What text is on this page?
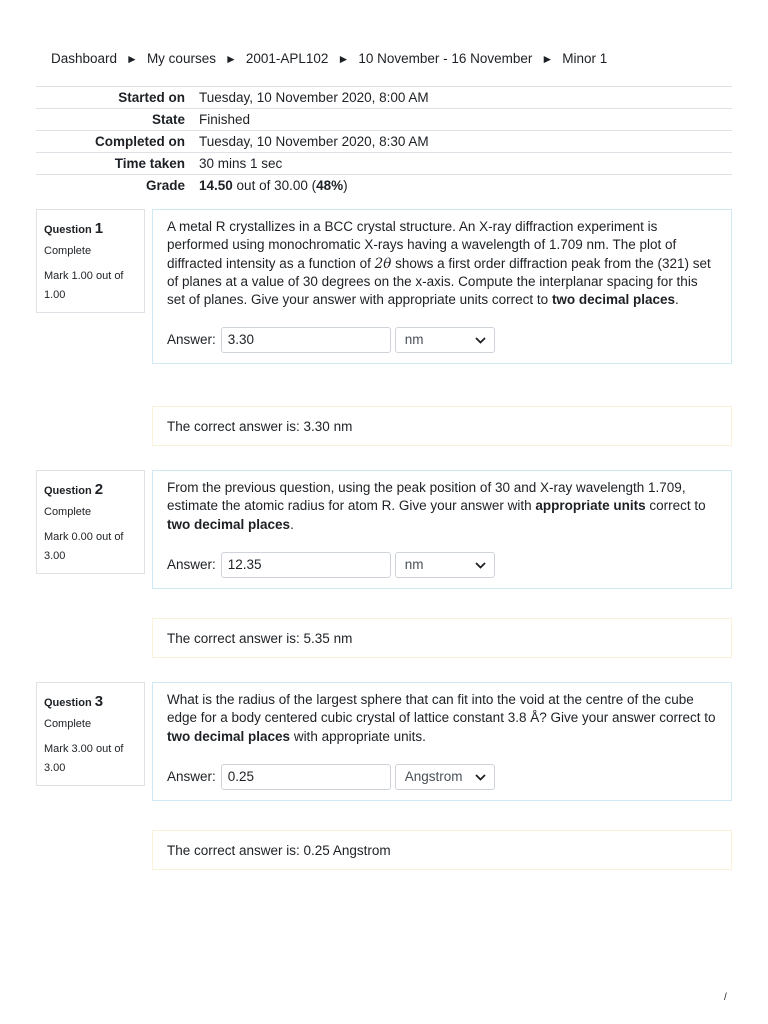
Dashboard ► My courses ► 2001-APL102 ► 10 November - 16 November ► Minor 1
Started on	Tuesday, 10 November 2020, 8:00 AM
State	Finished
Completed on	Tuesday, 10 November 2020, 8:30 AM
Time taken	30 mins 1 sec
Grade	14.50 out of 30.00 (48%)
Question 1
Complete
Mark 1.00 out of 1.00
A metal R crystallizes in a BCC crystal structure. An X-ray diffraction experiment is performed using monochromatic X-rays having a wavelength of 1.709 nm. The plot of diffracted intensity as a function of 2θ shows a first order diffraction peak from the (321) set of planes at a value of 30 degrees on the x-axis. Compute the interplanar spacing for this set of planes. Give your answer with appropriate units correct to two decimal places.
Answer: 3.30	nm
The correct answer is: 3.30 nm
Question 2
Complete
Mark 0.00 out of 3.00
From the previous question, using the peak position of 30 and X-ray wavelength 1.709, estimate the atomic radius for atom R. Give your answer with appropriate units correct to two decimal places.
Answer: 12.35	nm
The correct answer is: 5.35 nm
Question 3
Complete
Mark 3.00 out of 3.00
What is the radius of the largest sphere that can fit into the void at the centre of the cube edge for a body centered cubic crystal of lattice constant 3.8 Å? Give your answer correct to two decimal places with appropriate units.
Answer: 0.25	Angstrom
The correct answer is: 0.25 Angstrom
/
